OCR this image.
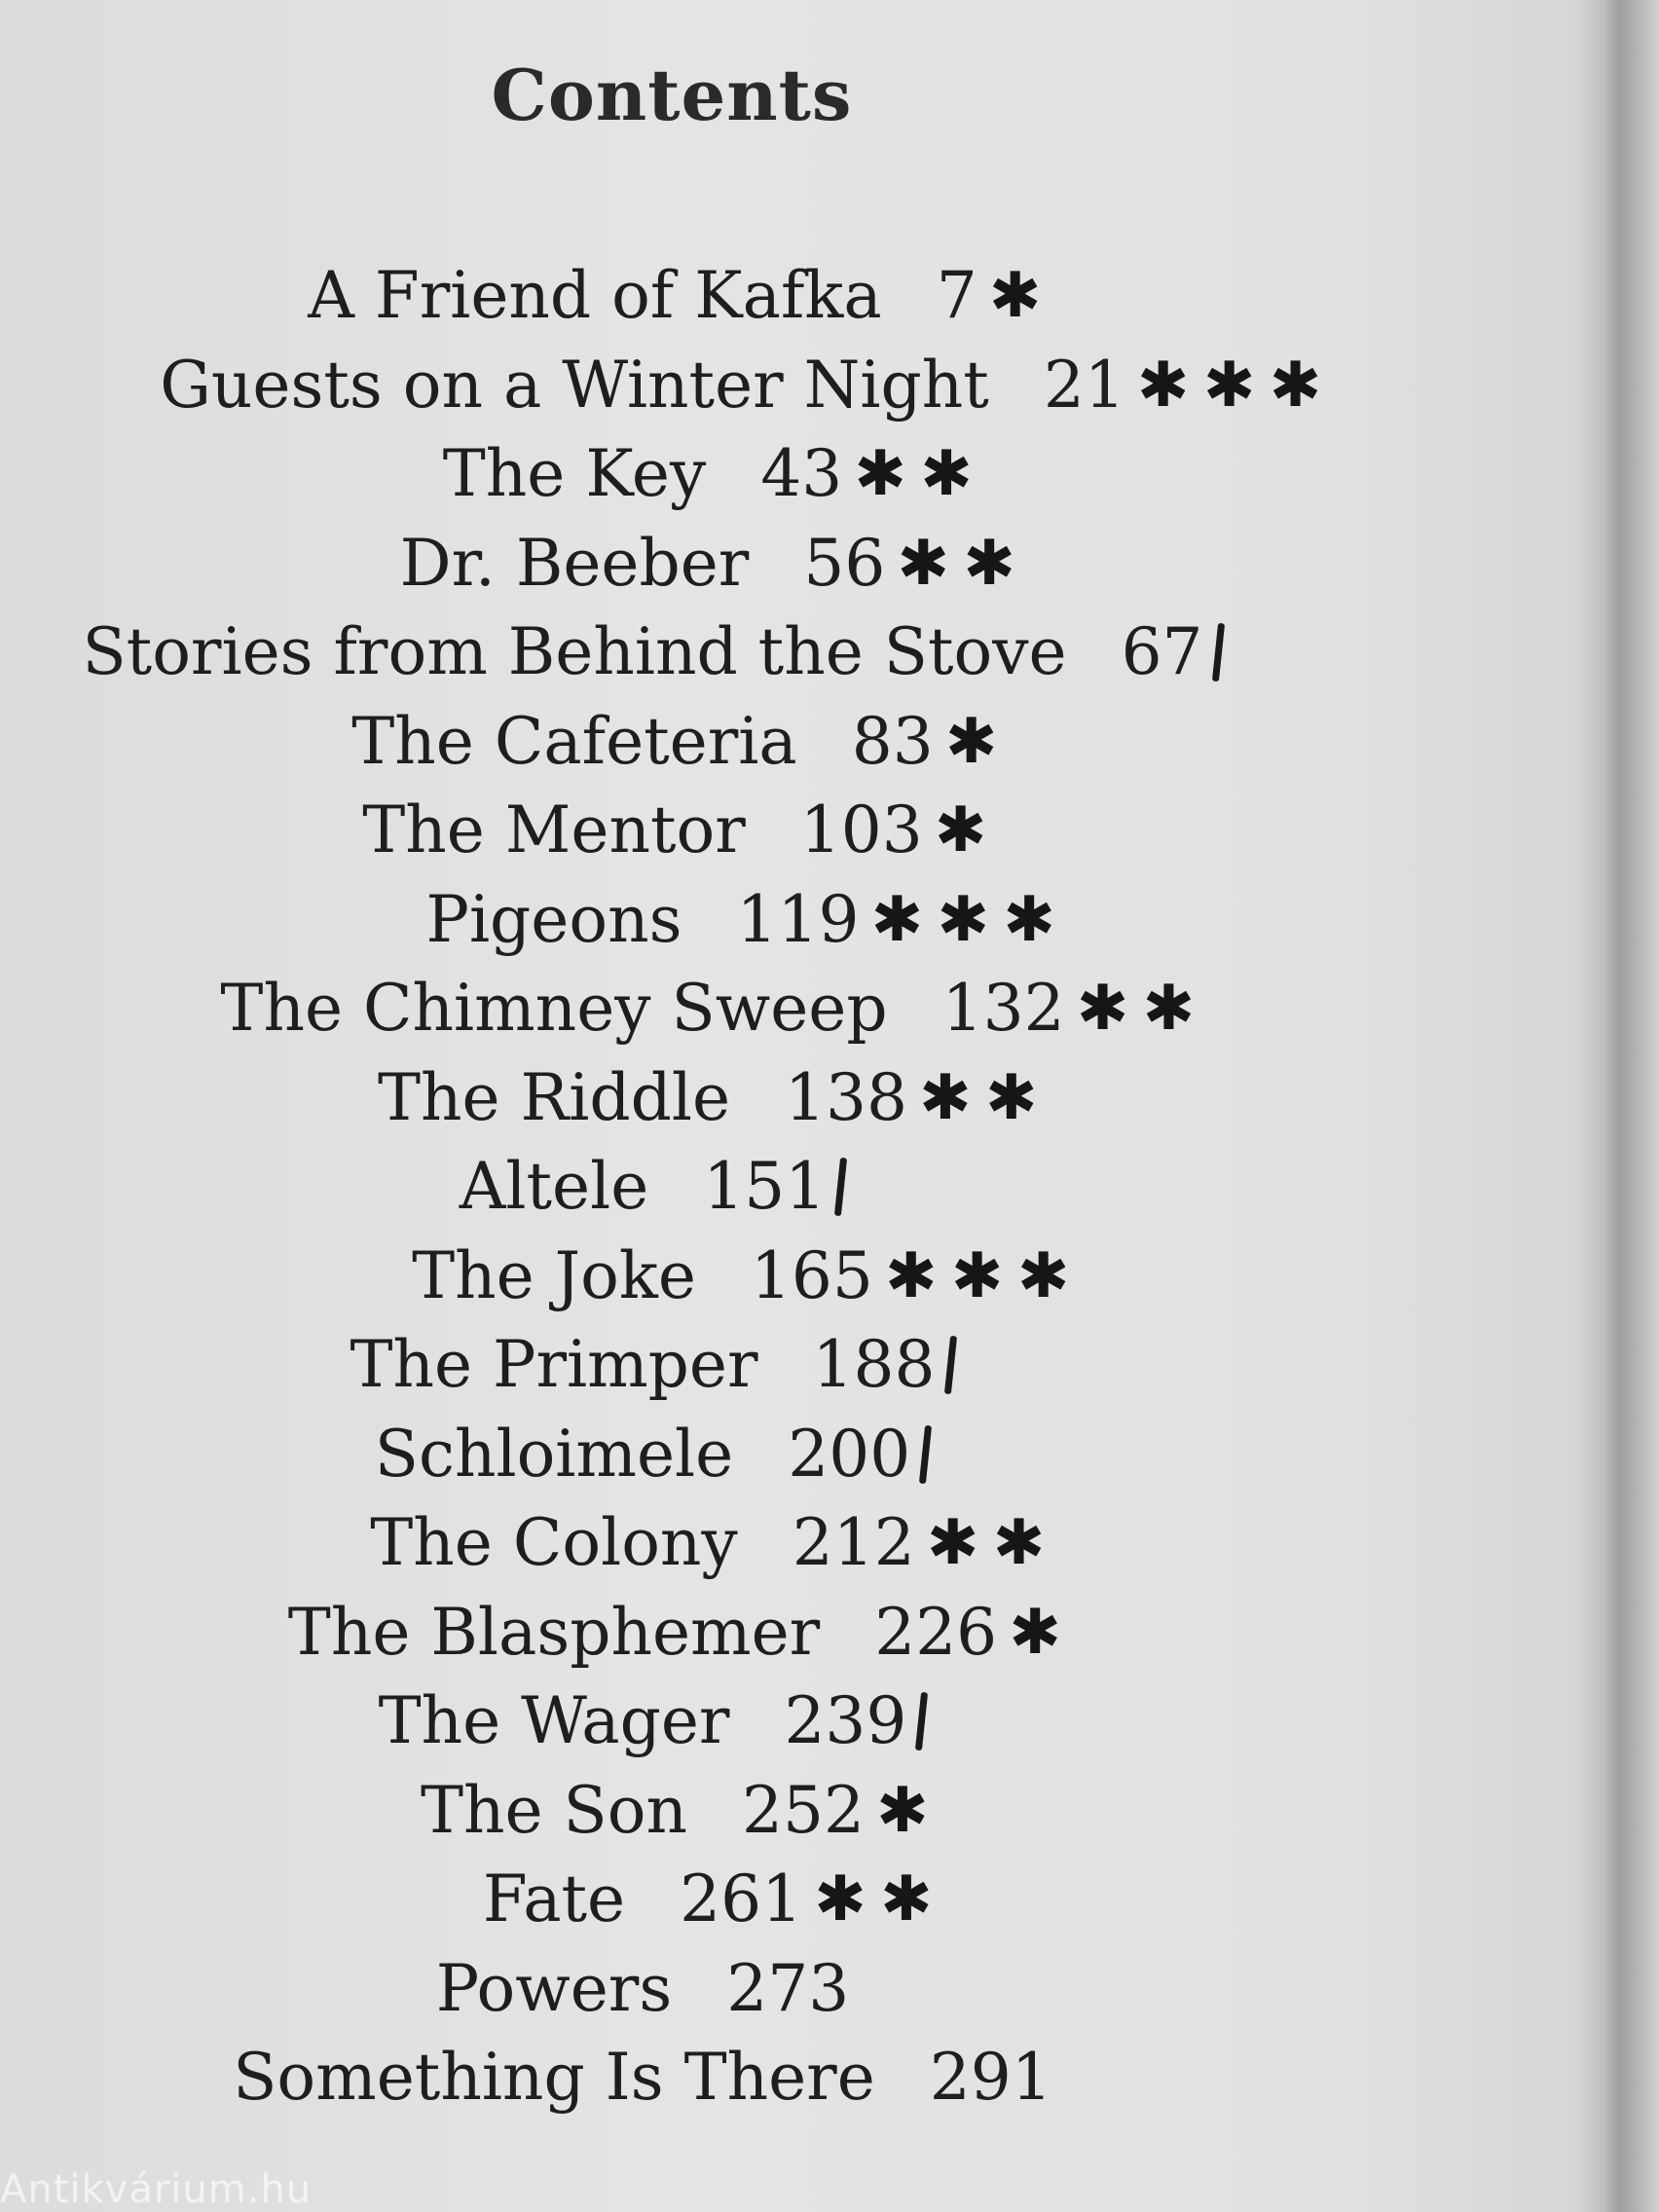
Contents
A Friend of Kafka 7 ✱
Guests on a Winter Night 21 ✱ ✱ ✱
The Key 43 ✱ ✱
Dr. Beeber 56 ✱ ✱
Stories from Behind the Stove 67
The Cafeteria 83 ✱
The Mentor 103 ✱
Pigeons 119 ✱ ✱ ✱
The Chimney Sweep 132 ✱ ✱
The Riddle 138 ✱ ✱
Altele 151
The Joke 165 ✱ ✱ ✱
The Primper 188
Schloimele 200
The Colony 212 ✱ ✱
The Blasphemer 226 ✱
The Wager 239
The Son 252 ✱
Fate 261 ✱ ✱
Powers 273
Something Is There 291
Antikvárium.hu
